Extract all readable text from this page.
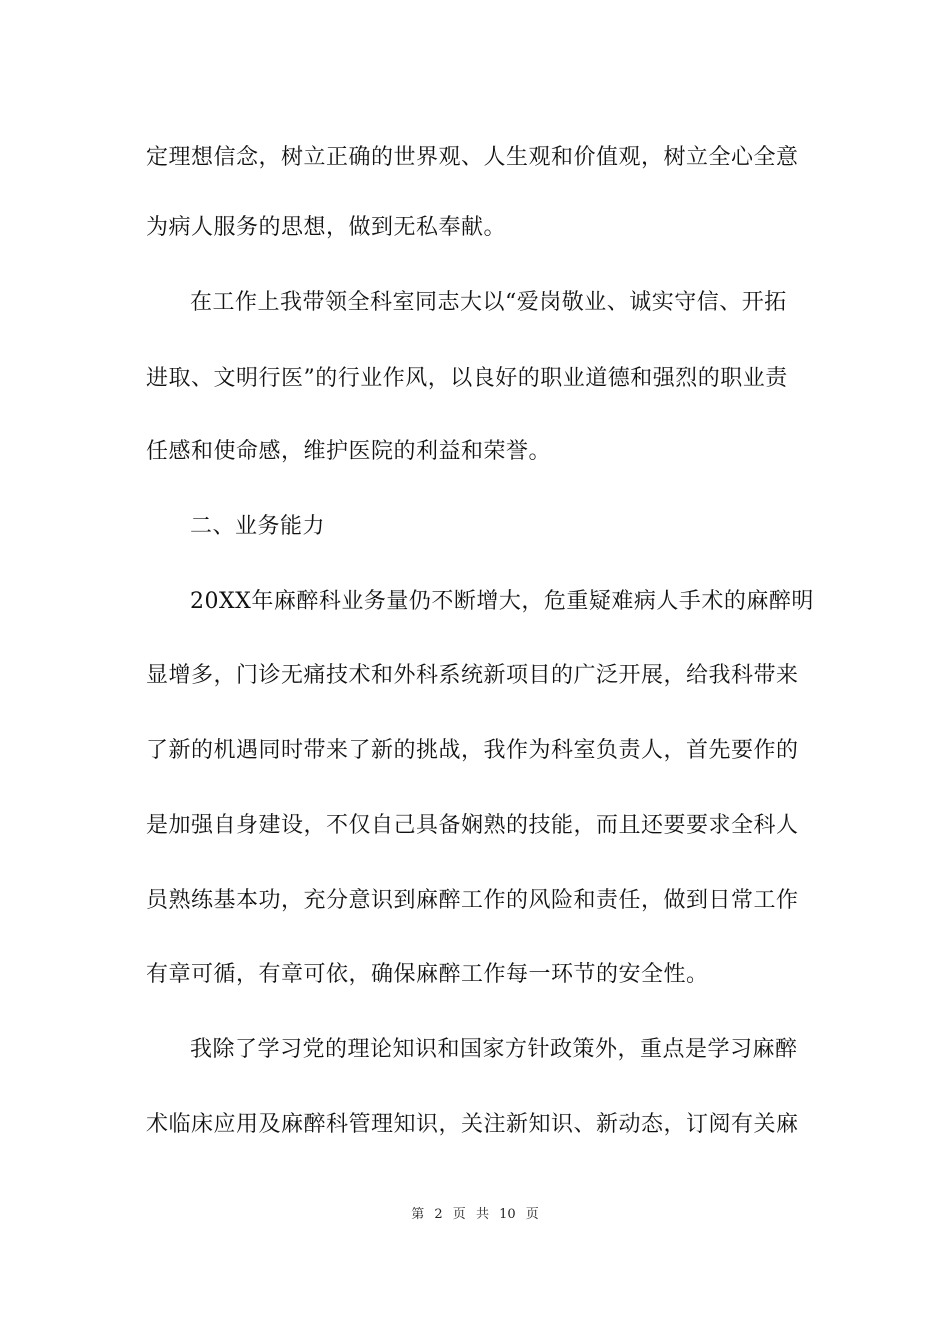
定理想信念，树立正确的世界观、人生观和价值观，树立全心全意
为病人服务的思想，做到无私奉献。
在工作上我带领全科室同志大以“爱岗敬业、诚实守信、开拓
进取、文明行医”的行业作风，以良好的职业道德和强烈的职业责
任感和使命感，维护医院的利益和荣誉。
二、业务能力
20XX年麻醉科业务量仍不断增大，危重疑难病人手术的麻醉明
显增多，门诊无痛技术和外科系统新项目的广泛开展，给我科带来
了新的机遇同时带来了新的挑战，我作为科室负责人，首先要作的
是加强自身建设，不仅自己具备娴熟的技能，而且还要要求全科人
员熟练基本功，充分意识到麻醉工作的风险和责任，做到日常工作
有章可循，有章可依，确保麻醉工作每一环节的安全性。
我除了学习党的理论知识和国家方针政策外，重点是学习麻醉
术临床应用及麻醉科管理知识，关注新知识、新动态，订阅有关麻
第 2 页 共 10 页
